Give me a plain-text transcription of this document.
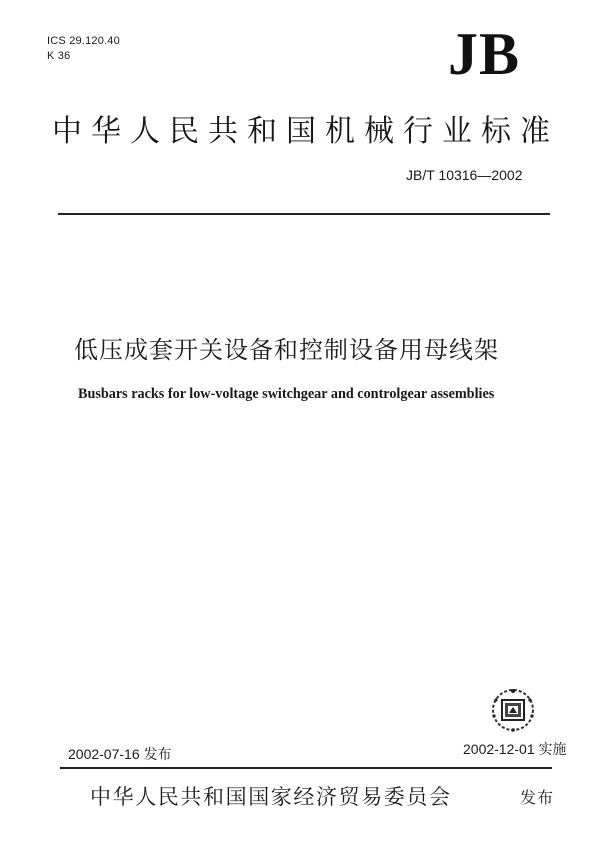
ICS 29.120.40
K 36	JB
中华人民共和国机械行业标准
JB/T 10316—2002
低压成套开关设备和控制设备用母线架
Busbars racks for low-voltage switchgear and controlgear assemblies
2002-07-16 发布	2002-12-01 实施
中华人民共和国国家经济贸易委员会	发布
